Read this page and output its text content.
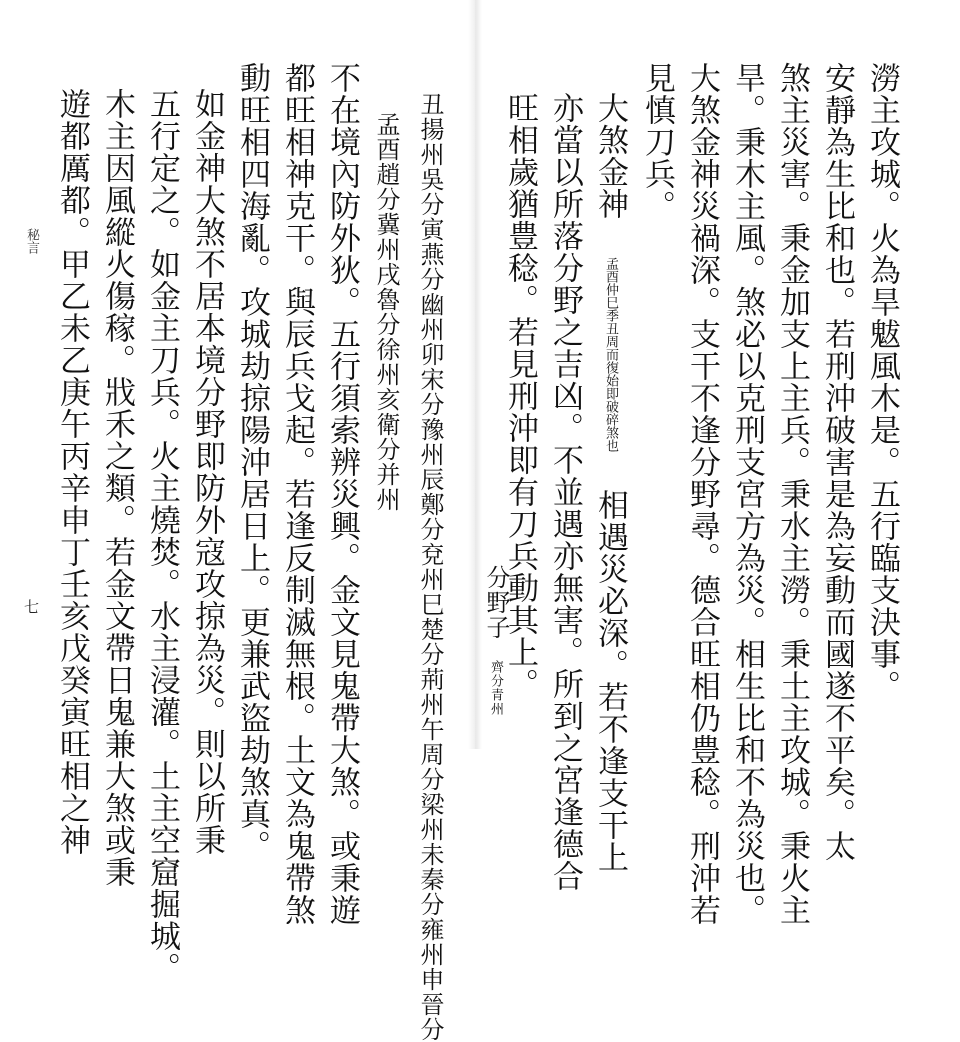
澇主攻城。火為旱魃風木是。五行臨支決事。
安靜為生比和也。若刑沖破害是為妄動而國遂不平矣。太
煞主災害。秉金加支上主兵。秉水主澇。秉土主攻城。秉火主
旱。秉木主風。煞必以克刑支宮方為災。相生比和不為災也。
大煞金神災禍深。支干不逢分野尋。德合旺相仍豊稔。刑沖若
見慎刀兵。
大煞金神 孟酉仲巳季丑周而復始即破碎煞也 相遇災必深。若不逢支干上
亦當以所落分野之吉凶。不並遇亦無害。所到之宮逢德合
旺相歲猶豊稔。若見刑沖即有刀兵動其上。
分野子
齊分青州
丑揚州吳分寅燕分幽州卯宋分豫州辰鄭分兗州巳楚分荊州午周分梁州未秦分雍州申晉分
孟酉趙分冀州戌魯分徐州亥衛分并州
不在境內防外狄。五行須索辨災興。金文見鬼帶大煞。或秉遊
都旺相神克干。與辰兵戈起。若逢反制滅無根。土文為鬼帶煞
動旺相四海亂。攻城劫掠陽沖居日上。更兼武盜劫煞真。
如金神大煞不居本境分野即防外寇攻掠為災。則以所秉
五行定之。如金主刀兵。火主燒焚。水主浸灌。土主空窟掘城。
木主因風縱火傷稼。戕禾之類。若金文帶日鬼兼大煞或秉
遊都厲都。甲乙未乙庚午丙辛申丁壬亥戊癸寅旺相之神
秘言
七
